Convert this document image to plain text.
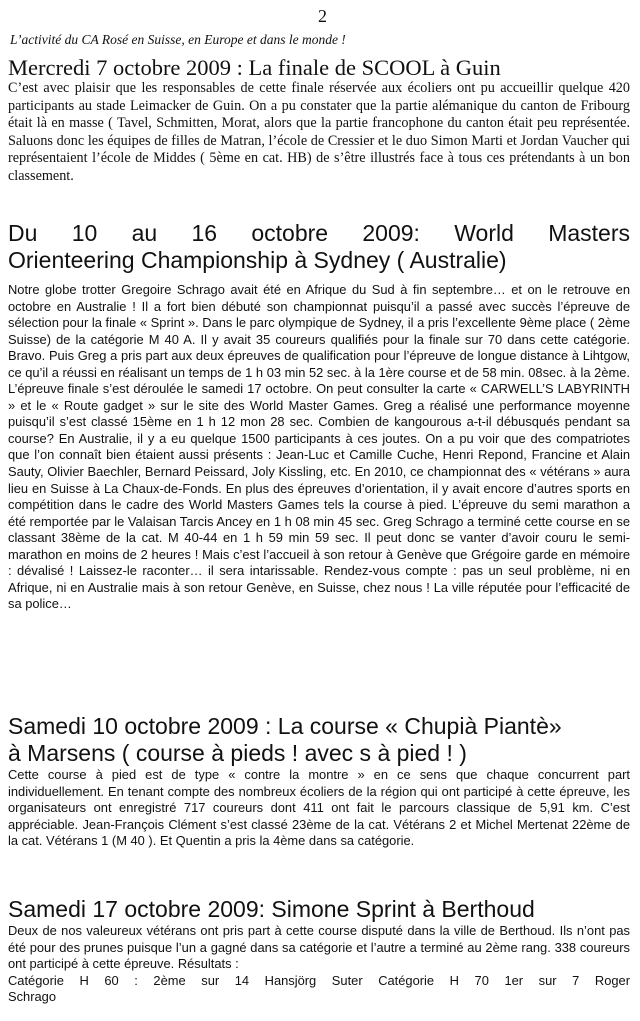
2
L’activité du CA Rosé en Suisse, en Europe et dans le monde !
Mercredi 7 octobre 2009 : La finale de SCOOL à Guin

C’est avec plaisir que les responsables de cette finale réservée aux écoliers ont pu accueillir quelque 420 participants au stade Leimacker de Guin. On a pu constater que la partie alémanique du canton de Fribourg était là en masse ( Tavel, Schmitten, Morat, alors que la partie francophone du canton était peu représentée. Saluons donc les équipes de filles de Matran, l’école de Cressier et le duo Simon Marti et Jordan Vaucher qui représentaient l’école de Middes ( 5ème en cat. HB) de s’être illustrés face à tous ces prétendants à un bon classement.

Du 10 au 16 octobre 2009: World Masters
Orienteering Championship à Sydney ( Australie)

Notre globe trotter Gregoire Schrago avait été en Afrique du Sud à fin septembre… et on le retrouve en octobre en Australie ! Il a fort bien débuté son championnat puisqu’il a passé avec succès l’épreuve de sélection pour la finale « Sprint ». Dans le parc olympique de Sydney, il a pris l’excellente 9ème place ( 2ème Suisse) de la catégorie M 40 A. Il y avait 35 coureurs qualifiés pour la finale sur 70 dans cette catégorie. Bravo. Puis Greg a pris part aux deux épreuves de qualification pour l’épreuve de longue distance à Lihtgow, ce qu’il a réussi en réalisant un temps de 1 h 03 min 52 sec. à la 1ère course et de 58 min. 08sec. à la 2ème. L’épreuve finale s’est déroulée le samedi 17 octobre. On peut consulter la carte « CARWELL’S LABYRINTH » et le « Route gadget » sur le site des World Master Games. Greg a réalisé une performance moyenne puisqu’il s’est classé 15ème en 1 h 12 mon 28 sec. Combien de kangourous a-t-il débusqués pendant sa course? En Australie, il y a eu quelque 1500 participants à ces joutes. On a pu voir que des compatriotes que l’on connaît bien étaient aussi présents : Jean-Luc et Camille Cuche, Henri Repond, Francine et Alain Sauty, Olivier Baechler, Bernard Peissard, Joly Kissling, etc. En 2010, ce championnat des « vétérans » aura lieu en Suisse à La Chaux-de-Fonds. En plus des épreuves d’orientation, il y avait encore d’autres sports en compétition dans le cadre des World Masters Games tels la course à pied. L’épreuve du semi marathon a été remportée par le Valaisan Tarcis Ancey en 1 h 08 min 45 sec. Greg Schrago a terminé cette course en se classant 38ème de la cat. M 40-44 en 1 h 59 min 59 sec. Il peut donc se vanter d’avoir couru le semi-marathon en moins de 2 heures ! Mais c’est l’accueil à son retour à Genève que Grégoire garde en mémoire : dévalisé ! Laissez-le raconter… il sera intarissable. Rendez-vous compte : pas un seul problème, ni en Afrique, ni en Australie mais à son retour Genève, en Suisse, chez nous ! La ville réputée pour l’efficacité de sa police…

Samedi 10 octobre 2009 : La course « Chupià Piantè»
à Marsens ( course à pieds ! avec s à pied ! )

Cette course à pied est de type « contre la montre » en ce sens que chaque concurrent part individuellement. En tenant compte des nombreux écoliers de la région qui ont participé à cette épreuve, les organisateurs ont enregistré 717 coureurs dont 411 ont fait le parcours classique de 5,91 km. C’est appréciable. Jean-François Clément s’est classé 23ème de la cat. Vétérans 2 et Michel Mertenat 22ème de la cat. Vétérans 1 (M 40 ). Et Quentin a pris la 4ème dans sa catégorie.

Samedi 17 octobre 2009: Simone Sprint à Berthoud

Deux de nos valeureux vétérans ont pris part à cette course disputé dans la ville de Berthoud. Ils n’ont pas été pour des prunes puisque l’un a gagné dans sa catégorie et l’autre a terminé au 2ème rang. 338 coureurs ont participé à cette épreuve. Résultats :

Catégorie H 60 : 2ème sur 14 Hansjörg Suter Catégorie H 70 1er sur 7 Roger

Schrago
